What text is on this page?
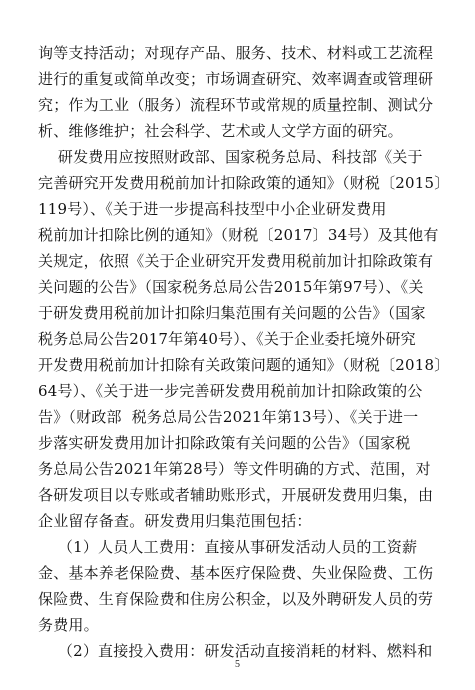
询等支持活动；对现存产品、服务、技术、材料或工艺流程
进行的重复或简单改变；市场调查研究、效率调查或管理研
究；作为工业（服务）流程环节或常规的质量控制、测试分
析、维修维护；社会科学、艺术或人文学方面的研究。
研发费用应按照财政部、国家税务总局、科技部《关于
完善研究开发费用税前加计扣除政策的通知》（财税〔2015〕
119号）、《关于进一步提高科技型中小企业研发费用
税前加计扣除比例的通知》（财税〔2017〕34号）及其他有
关规定，依照《关于企业研究开发费用税前加计扣除政策有
关问题的公告》（国家税务总局公告2015年第97号）、《关
于研发费用税前加计扣除归集范围有关问题的公告》（国家
税务总局公告2017年第40号）、《关于企业委托境外研究
开发费用税前加计扣除有关政策问题的通知》（财税〔2018〕
64号）、《关于进一步完善研发费用税前加计扣除政策的公
告》（财政部  税务总局公告2021年第13号）、《关于进一
步落实研发费用加计扣除政策有关问题的公告》（国家税
务总局公告2021年第28号）等文件明确的方式、范围，对
各研发项目以专账或者辅助账形式，开展研发费用归集，由
企业留存备查。研发费用归集范围包括：
（1）人员人工费用：直接从事研发活动人员的工资薪
金、基本养老保险费、基本医疗保险费、失业保险费、工伤
保险费、生育保险费和住房公积金，以及外聘研发人员的劳
务费用。
（2）直接投入费用：研发活动直接消耗的材料、燃料和
5
